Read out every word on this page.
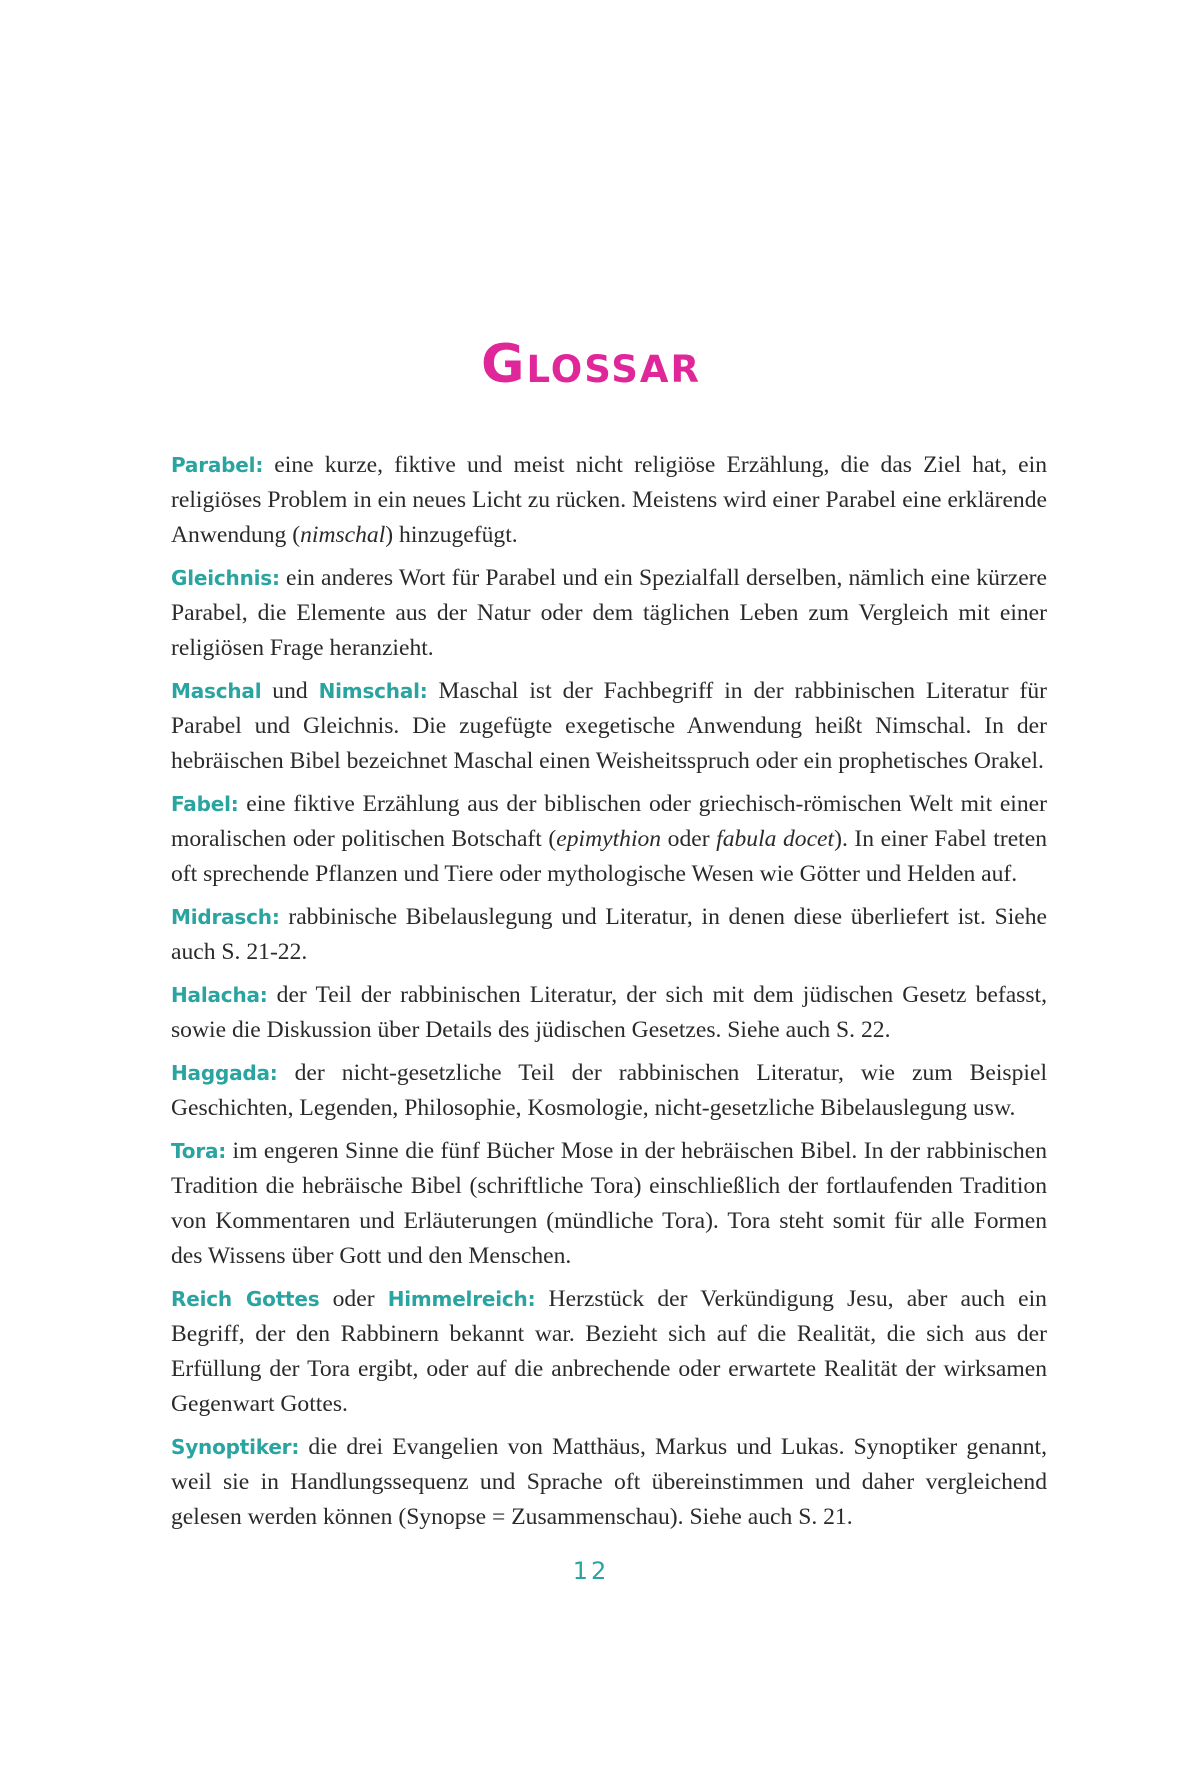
Glossar

Parabel: eine kurze, fiktive und meist nicht religiöse Erzählung, die das Ziel hat, ein religiöses Problem in ein neues Licht zu rücken. Meistens wird einer Parabel eine erklärende Anwendung (nimschal) hinzugefügt.

Gleichnis: ein anderes Wort für Parabel und ein Spezialfall derselben, nämlich eine kürzere Parabel, die Elemente aus der Natur oder dem täglichen Leben zum Vergleich mit einer religiösen Frage heranzieht.

Maschal und Nimschal: Maschal ist der Fachbegriff in der rabbinischen Literatur für Parabel und Gleichnis. Die zugefügte exegetische Anwendung heißt Nimschal. In der hebräischen Bibel bezeichnet Maschal einen Weisheitsspruch oder ein prophetisches Orakel.

Fabel: eine fiktive Erzählung aus der biblischen oder griechisch-römischen Welt mit einer moralischen oder politischen Botschaft (epimythion oder fabula docet). In einer Fabel treten oft sprechende Pflanzen und Tiere oder mythologische Wesen wie Götter und Helden auf.

Midrasch: rabbinische Bibelauslegung und Literatur, in denen diese überliefert ist. Siehe auch S. 21-22.

Halacha: der Teil der rabbinischen Literatur, der sich mit dem jüdischen Gesetz befasst, sowie die Diskussion über Details des jüdischen Gesetzes. Siehe auch S. 22.

Haggada: der nicht-gesetzliche Teil der rabbinischen Literatur, wie zum Beispiel Geschichten, Legenden, Philosophie, Kosmologie, nicht-gesetzliche Bibelauslegung usw.

Tora: im engeren Sinne die fünf Bücher Mose in der hebräischen Bibel. In der rabbinischen Tradition die hebräische Bibel (schriftliche Tora) einschließlich der fortlaufenden Tradition von Kommentaren und Erläuterungen (mündliche Tora). Tora steht somit für alle Formen des Wissens über Gott und den Menschen.

Reich Gottes oder Himmelreich: Herzstück der Verkündigung Jesu, aber auch ein Begriff, der den Rabbinern bekannt war. Bezieht sich auf die Realität, die sich aus der Erfüllung der Tora ergibt, oder auf die anbrechende oder erwartete Realität der wirksamen Gegenwart Gottes.

Synoptiker: die drei Evangelien von Matthäus, Markus und Lukas. Synoptiker genannt, weil sie in Handlungssequenz und Sprache oft übereinstimmen und daher vergleichend gelesen werden können (Synopse = Zusammenschau). Siehe auch S. 21.

12
